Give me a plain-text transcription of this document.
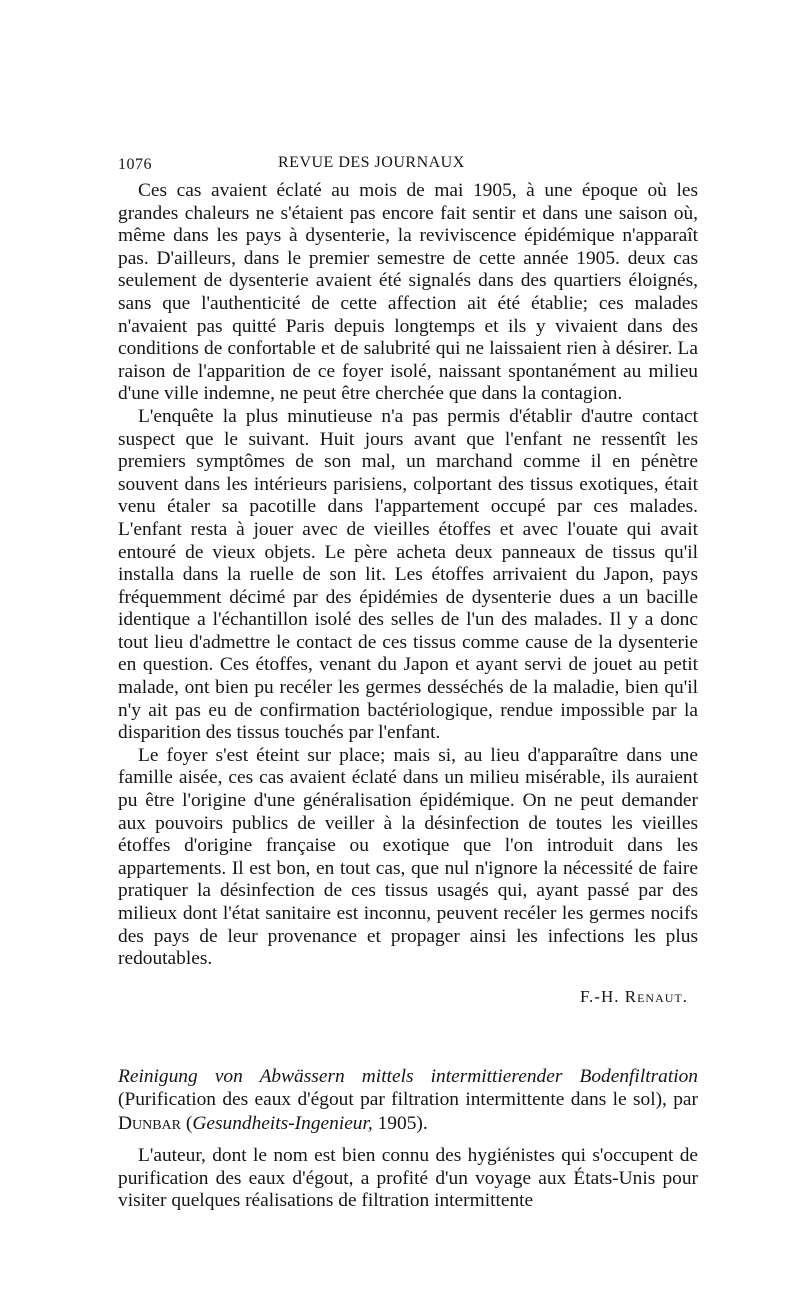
1076	REVUE DES JOURNAUX

Ces cas avaient éclaté au mois de mai 1905, à une époque où les grandes chaleurs ne s'étaient pas encore fait sentir et dans une saison où, même dans les pays à dysenterie, la reviviscence épidémique n'apparaît pas. D'ailleurs, dans le premier semestre de cette année 1905. deux cas seulement de dysenterie avaient été signalés dans des quartiers éloignés, sans que l'authenticité de cette affection ait été établie; ces malades n'avaient pas quitté Paris depuis longtemps et ils y vivaient dans des conditions de confortable et de salubrité qui ne laissaient rien à désirer. La raison de l'apparition de ce foyer isolé, naissant spontanément au milieu d'une ville indemne, ne peut être cherchée que dans la contagion.

L'enquête la plus minutieuse n'a pas permis d'établir d'autre contact suspect que le suivant. Huit jours avant que l'enfant ne ressentît les premiers symptômes de son mal, un marchand comme il en pénètre souvent dans les intérieurs parisiens, colportant des tissus exotiques, était venu étaler sa pacotille dans l'appartement occupé par ces malades. L'enfant resta à jouer avec de vieilles étoffes et avec l'ouate qui avait entouré de vieux objets. Le père acheta deux panneaux de tissus qu'il installa dans la ruelle de son lit. Les étoffes arrivaient du Japon, pays fréquemment décimé par des épidémies de dysenterie dues a un bacille identique a l'échantillon isolé des selles de l'un des malades. Il y a donc tout lieu d'admettre le contact de ces tissus comme cause de la dysenterie en question. Ces étoffes, venant du Japon et ayant servi de jouet au petit malade, ont bien pu recéler les germes desséchés de la maladie, bien qu'il n'y ait pas eu de confirmation bactériologique, rendue impossible par la disparition des tissus touchés par l'enfant.

Le foyer s'est éteint sur place; mais si, au lieu d'apparaître dans une famille aisée, ces cas avaient éclaté dans un milieu misérable, ils auraient pu être l'origine d'une généralisation épidémique. On ne peut demander aux pouvoirs publics de veiller à la désinfection de toutes les vieilles étoffes d'origine française ou exotique que l'on introduit dans les appartements. Il est bon, en tout cas, que nul n'ignore la nécessité de faire pratiquer la désinfection de ces tissus usagés qui, ayant passé par des milieux dont l'état sanitaire est inconnu, peuvent recéler les germes nocifs des pays de leur provenance et propager ainsi les infections les plus redoutables.

F.-H. Renaut.

Reinigung von Abwässern mittels intermittierender Bodenfiltration (Purification des eaux d'égout par filtration intermittente dans le sol), par Dunbar (Gesundheits-Ingenieur, 1905).

L'auteur, dont le nom est bien connu des hygiénistes qui s'occupent de purification des eaux d'égout, a profité d'un voyage aux États-Unis pour visiter quelques réalisations de filtration intermittente
